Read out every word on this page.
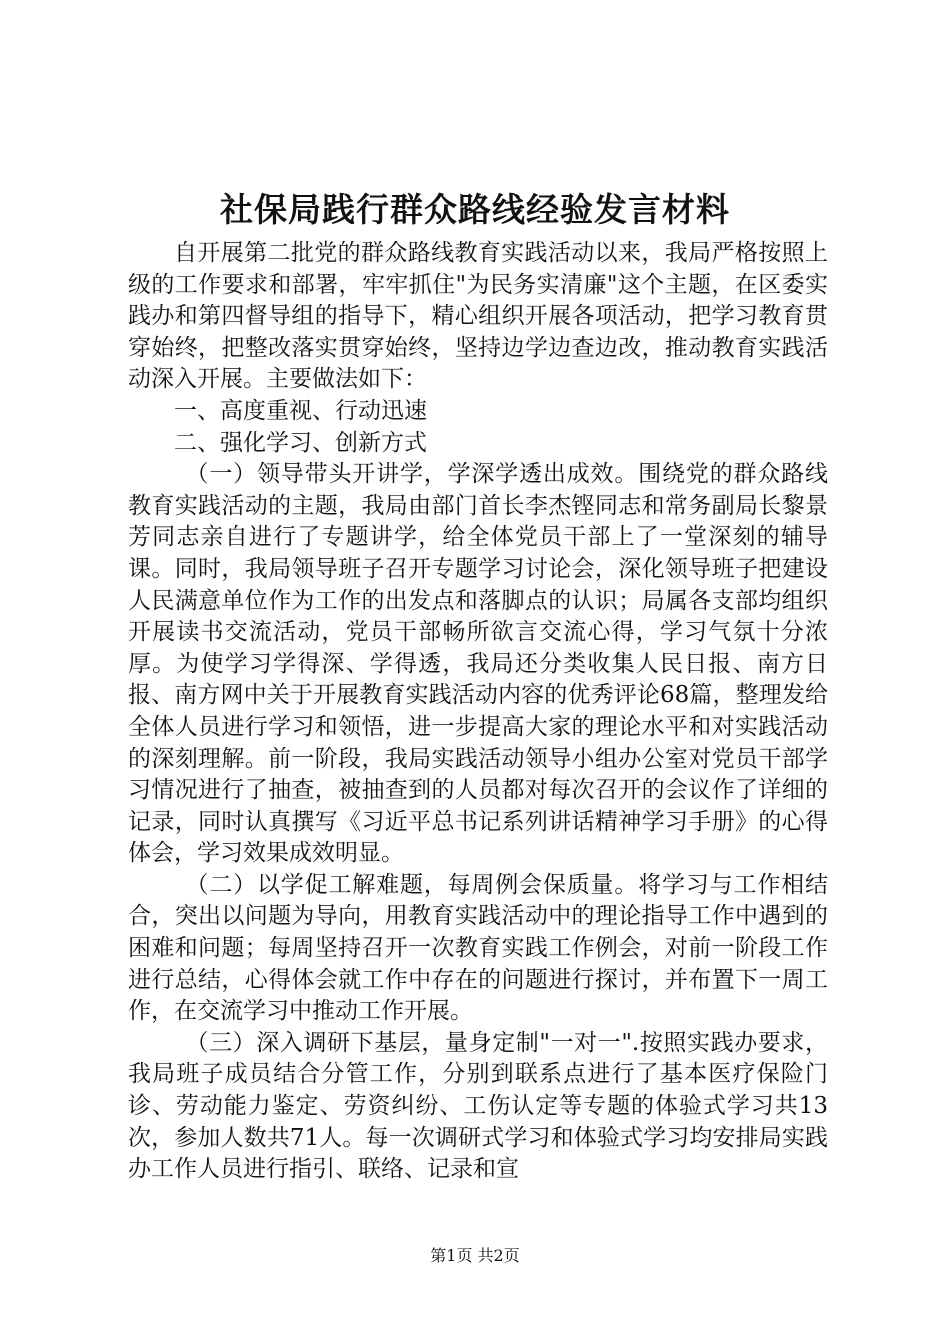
社保局践行群众路线经验发言材料

自开展第二批党的群众路线教育实践活动以来，我局严格按照上级的工作要求和部署，牢牢抓住"为民务实清廉"这个主题，在区委实践办和第四督导组的指导下，精心组织开展各项活动，把学习教育贯穿始终，把整改落实贯穿始终，坚持边学边查边改，推动教育实践活动深入开展。主要做法如下：

一、高度重视、行动迅速

二、强化学习、创新方式

（一）领导带头开讲学，学深学透出成效。围绕党的群众路线教育实践活动的主题，我局由部门首长李杰铿同志和常务副局长黎景芳同志亲自进行了专题讲学，给全体党员干部上了一堂深刻的辅导课。同时，我局领导班子召开专题学习讨论会，深化领导班子把建设人民满意单位作为工作的出发点和落脚点的认识；局属各支部均组织开展读书交流活动，党员干部畅所欲言交流心得，学习气氛十分浓厚。为使学习学得深、学得透，我局还分类收集人民日报、南方日报、南方网中关于开展教育实践活动内容的优秀评论68篇，整理发给全体人员进行学习和领悟，进一步提高大家的理论水平和对实践活动的深刻理解。前一阶段，我局实践活动领导小组办公室对党员干部学习情况进行了抽查，被抽查到的人员都对每次召开的会议作了详细的记录，同时认真撰写《习近平总书记系列讲话精神学习手册》的心得体会，学习效果成效明显。

（二）以学促工解难题，每周例会保质量。将学习与工作相结合，突出以问题为导向，用教育实践活动中的理论指导工作中遇到的困难和问题；每周坚持召开一次教育实践工作例会，对前一阶段工作进行总结，心得体会就工作中存在的问题进行探讨，并布置下一周工作，在交流学习中推动工作开展。

（三）深入调研下基层，量身定制"一对一".按照实践办要求，我局班子成员结合分管工作，分别到联系点进行了基本医疗保险门诊、劳动能力鉴定、劳资纠纷、工伤认定等专题的体验式学习共13次，参加人数共71人。每一次调研式学习和体验式学习均安排局实践办工作人员进行指引、联络、记录和宣

第1页 共2页
